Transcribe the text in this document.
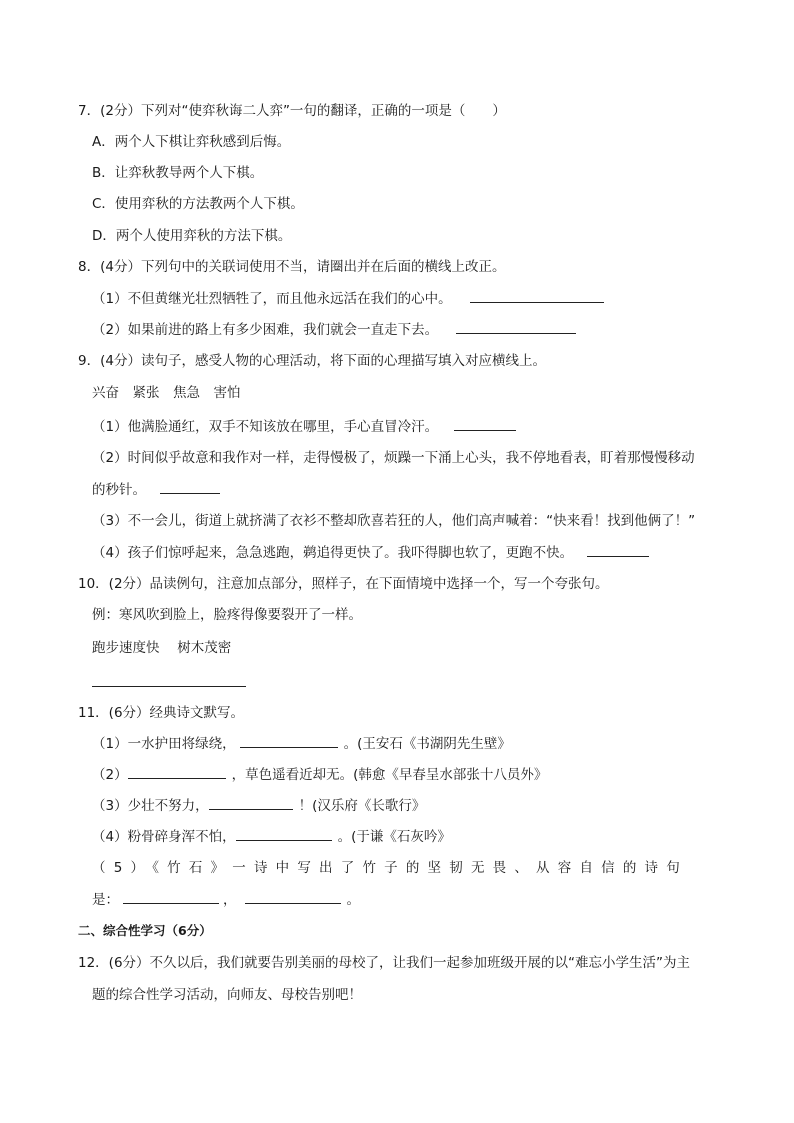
7．(2分）下列对“使弈秋诲二人弈”一句的翻译，正确的一项是（　　）
A．两个人下棋让弈秋感到后悔。
B．让弈秋教导两个人下棋。
C．使用弈秋的方法教两个人下棋。
D．两个人使用弈秋的方法下棋。
8．(4分）下列句中的关联词使用不当，请圈出并在后面的横线上改正。
（1）不但黄继光壮烈牺牲了，而且他永远活在我们的心中。
（2）如果前进的路上有多少困难，我们就会一直走下去。
9．(4分）读句子，感受人物的心理活动，将下面的心理描写填入对应横线上。
兴奋　紧张　焦急　害怕
（1）他满脸通红，双手不知该放在哪里，手心直冒冷汗。
（2）时间似乎故意和我作对一样，走得慢极了，烦躁一下涌上心头，我不停地看表，盯着那慢慢移动
的秒针。
（3）不一会儿，街道上就挤满了衣衫不整却欣喜若狂的人，他们高声喊着：“快来看！找到他俩了！”
（4）孩子们惊呼起来，急急逃跑，鹈追得更快了。我吓得脚也软了，更跑不快。
10．(2分）品读例句，注意加点部分，照样子，在下面情境中选择一个，写一个夸张句。
例：寒风吹到脸上，脸疼得像要裂开了一样。
跑步速度快　 树木茂密
11．(6分）经典诗文默写。
（1）一水护田将绿绕，	。(王安石《书湖阴先生壁》
（2）	，草色遥看近却无。(韩愈《早春呈水部张十八员外》
（3）少壮不努力，	！(汉乐府《长歌行》
（4）粉骨碎身浑不怕，	。(于谦《石灰吟》
（5）《竹石》一诗中写出了竹子的坚韧无畏、从容自信的诗句
是：	，	。
二、综合性学习（6分）
12．(6分）不久以后，我们就要告别美丽的母校了，让我们一起参加班级开展的以“难忘小学生活”为主
题的综合性学习活动，向师友、母校告别吧！
